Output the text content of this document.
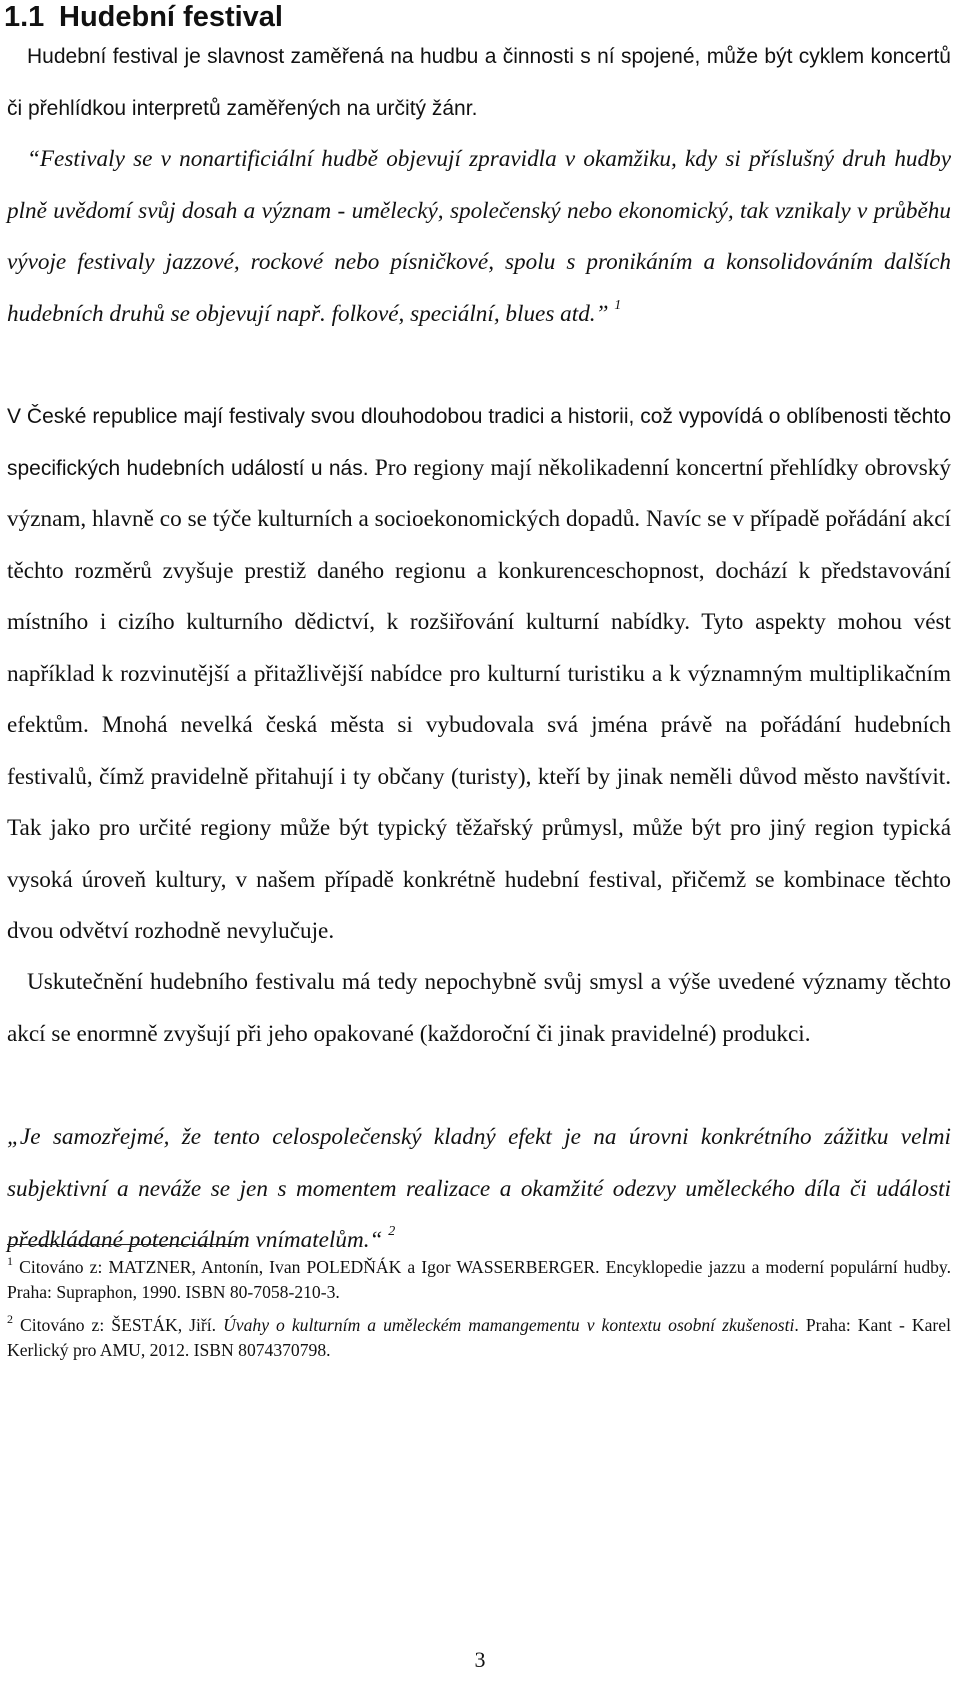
1.1 Hudební festival

Hudební festival je slavnost zaměřená na hudbu a činnosti s ní spojené, může být cyklem koncertů či přehlídkou interpretů zaměřených na určitý žánr.

“Festivaly se v nonartificiální hudbě objevují zpravidla v okamžiku, kdy si příslušný druh hudby plně uvědomí svůj dosah a význam - umělecký, společenský nebo ekonomický, tak vznikaly v průběhu vývoje festivaly jazzové, rockové nebo písničkové, spolu s pronikáním a konsolidováním dalších hudebních druhů se objevují např. folkové, speciální, blues atd.” $^1$

V České republice mají festivaly svou dlouhodobou tradici a historii, což vypovídá o oblíbenosti těchto specifických hudebních událostí u nás. Pro regiony mají několikadenní koncertní přehlídky obrovský význam, hlavně co se týče kulturních a socioekonomických dopadů. Navíc se v případě pořádání akcí těchto rozměrů zvyšuje prestiž daného regionu a konkurenceschopnost, dochází k představování místního i cizího kulturního dědictví, k rozšiřování kulturní nabídky. Tyto aspekty mohou vést například k rozvinutější a přitažlivější nabídce pro kulturní turistiku a k významným multiplikačním efektům. Mnohá nevelká česká města si vybudovala svá jména právě na pořádání hudebních festivalů, čímž pravidelně přitahují i ty občany (turisty), kteří by jinak neměli důvod město navštívit. Tak jako pro určité regiony může být typický těžařský průmysl, může být pro jiný region typická vysoká úroveň kultury, v našem případě konkrétně hudební festival, přičemž se kombinace těchto dvou odvětví rozhodně nevylučuje.

Uskutečnění hudebního festivalu má tedy nepochybně svůj smysl a výše uvedené významy těchto akcí se enormně zvyšují při jeho opakované (každoroční či jinak pravidelné) produkci.

„Je samozřejmé, že tento celospolečenský kladný efekt je na úrovni konkrétního zážitku velmi subjektivní a neváže se jen s momentem realizace a okamžité odezvy uměleckého díla či události předkládané potenciálním vnímatelům.“ $^2$

$^1$ Citováno z: MATZNER, Antonín, Ivan POLEDŇÁK a Igor WASSERBERGER. Encyklopedie jazzu a moderní populární hudby. Praha: Supraphon, 1990. ISBN 80-7058-210-3.

$^2$ Citováno z: ŠESTÁK, Jiří. Úvahy o kulturním a uměleckém mamangementu v kontextu osobní zkušenosti. Praha: Kant - Karel Kerlický pro AMU, 2012. ISBN 8074370798.

3
